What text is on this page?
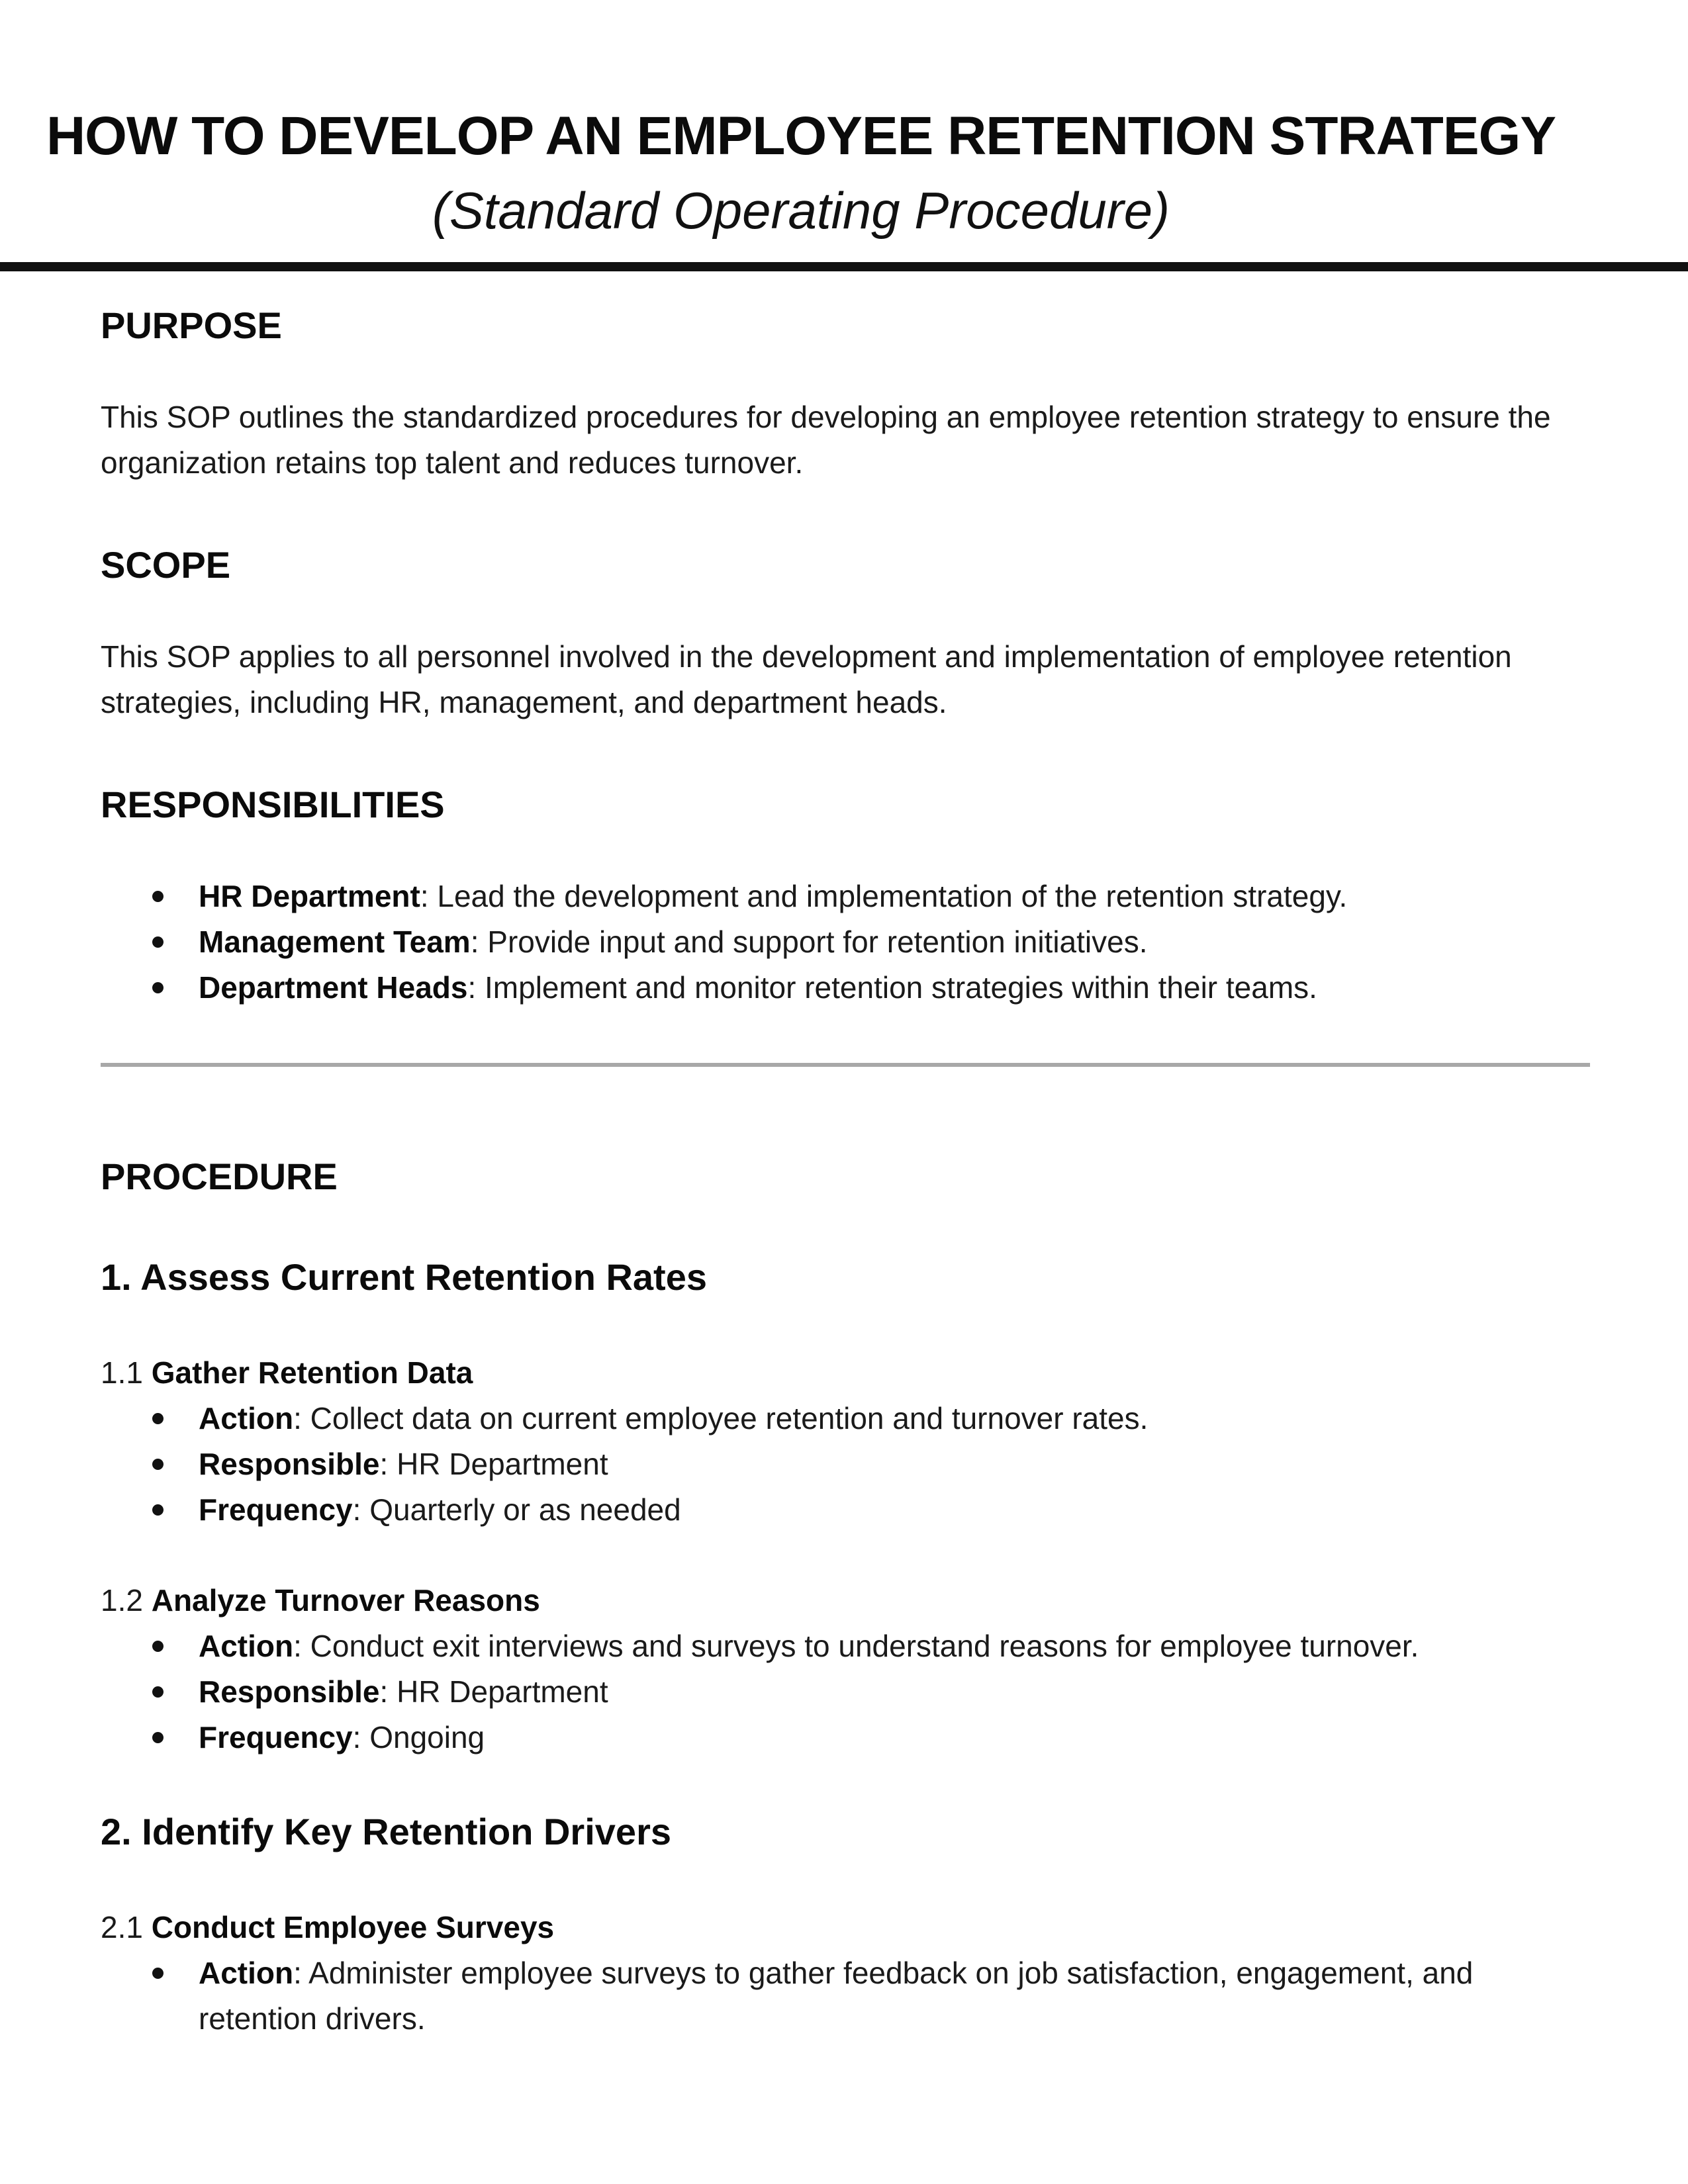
HOW TO DEVELOP AN EMPLOYEE RETENTION STRATEGY
(Standard Operating Procedure)
PURPOSE

This SOP outlines the standardized procedures for developing an employee retention strategy to ensure the organization retains top talent and reduces turnover.

SCOPE

This SOP applies to all personnel involved in the development and implementation of employee retention strategies, including HR, management, and department heads.

RESPONSIBILITIES
HR Department: Lead the development and implementation of the retention strategy.
Management Team: Provide input and support for retention initiatives.
Department Heads: Implement and monitor retention strategies within their teams.
PROCEDURE
1. Assess Current Retention Rates
1.1 Gather Retention Data
Action: Collect data on current employee retention and turnover rates.
Responsible: HR Department
Frequency: Quarterly or as needed
1.2 Analyze Turnover Reasons
Action: Conduct exit interviews and surveys to understand reasons for employee turnover.
Responsible: HR Department
Frequency: Ongoing
2. Identify Key Retention Drivers
2.1 Conduct Employee Surveys
Action: Administer employee surveys to gather feedback on job satisfaction, engagement, and retention drivers.
